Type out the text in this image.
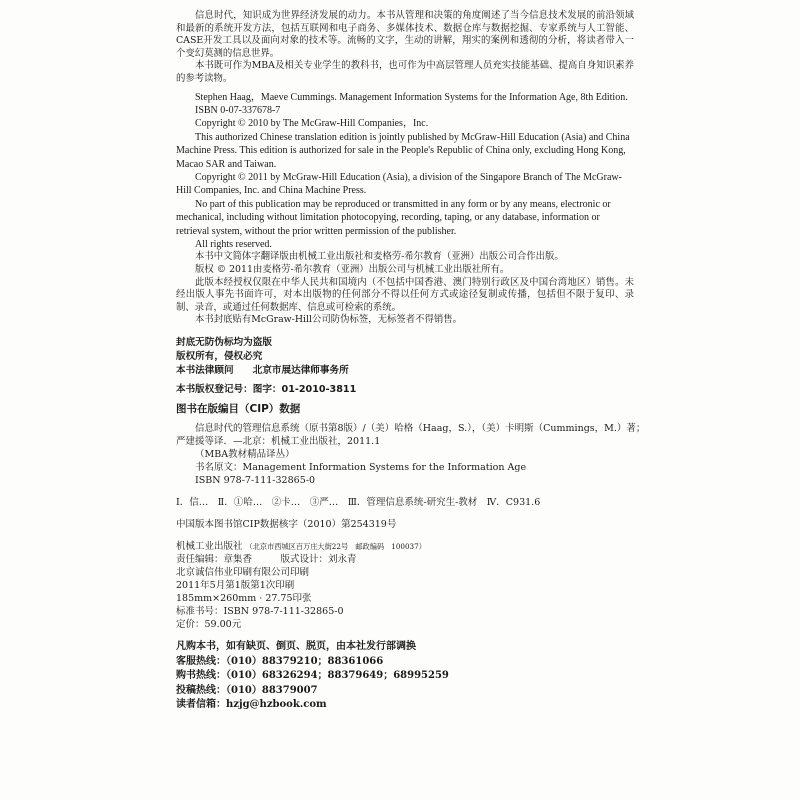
信息时代，知识成为世界经济发展的动力。本书从管理和决策的角度阐述了当今信息技术发展的前沿领域和最新的系统开发方法，包括互联网和电子商务、多媒体技术、数据仓库与数据挖掘、专家系统与人工智能、CASE开发工具以及面向对象的技术等。流畅的文字，生动的讲解，翔实的案例和透彻的分析，将读者带入一个变幻莫测的信息世界。

本书既可作为MBA及相关专业学生的教科书，也可作为中高层管理人员充实技能基础、提高自身知识素养的参考读物。

Stephen Haag，Maeve Cummings. Management Information Systems for the Information Age, 8th Edition.

ISBN 0-07-337678-7

Copyright © 2010 by The McGraw-Hill Companies，Inc.

This authorized Chinese translation edition is jointly published by McGraw-Hill Education (Asia) and China Machine Press. This edition is authorized for sale in the People's Republic of China only, excluding Hong Kong, Macao SAR and Taiwan.

Copyright © 2011 by McGraw-Hill Education (Asia), a division of the Singapore Branch of The McGraw-Hill Companies, Inc. and China Machine Press.

No part of this publication may be reproduced or transmitted in any form or by any means, electronic or mechanical, including without limitation photocopying, recording, taping, or any database, information or retrieval system, without the prior written permission of the publisher.

All rights reserved.

本书中文简体字翻译版由机械工业出版社和麦格劳-希尔教育（亚洲）出版公司合作出版。

版权 © 2011由麦格劳-希尔教育（亚洲）出版公司与机械工业出版社所有。

此版本经授权仅限在中华人民共和国境内（不包括中国香港、澳门特别行政区及中国台湾地区）销售。未经出版人事先书面许可，对本出版物的任何部分不得以任何方式或途径复制或传播，包括但不限于复印、录制、录音，或通过任何数据库、信息或可检索的系统。

本书封底贴有McGraw-Hill公司防伪标签，无标签者不得销售。

封底无防伪标均为盗版

版权所有，侵权必究

本书法律顾问　　北京市展达律师事务所

本书版权登记号：图字：01-2010-3811

图书在版编目（CIP）数据

信息时代的管理信息系统（原书第8版）/（美）哈格（Haag，S.），（美）卡明斯（Cummings，M.）著；

严建援等译．—北京：机械工业出版社，2011.1

（MBA教材精品译丛）

书名原文：Management Information Systems for the Information Age

ISBN 978-7-111-32865-0

Ⅰ．信…　Ⅱ．①哈…　②卡…　③严…　Ⅲ．管理信息系统-研究生-教材　Ⅳ．C931.6

中国版本图书馆CIP数据核字（2010）第254319号

机械工业出版社 （北京市西城区百万庄大街22号　邮政编码　100037）

责任编辑：章集香　　　版式设计：刘永青

北京诚信伟业印刷有限公司印刷

2011年5月第1版第1次印刷

185mm×260mm · 27.75印张

标准书号：ISBN 978-7-111-32865-0

定价：59.00元

凡购本书，如有缺页、倒页、脱页，由本社发行部调换

客服热线：（010）88379210；88361066

购书热线：（010）68326294；88379649；68995259

投稿热线：（010）88379007

读者信箱：hzjg@hzbook.com
